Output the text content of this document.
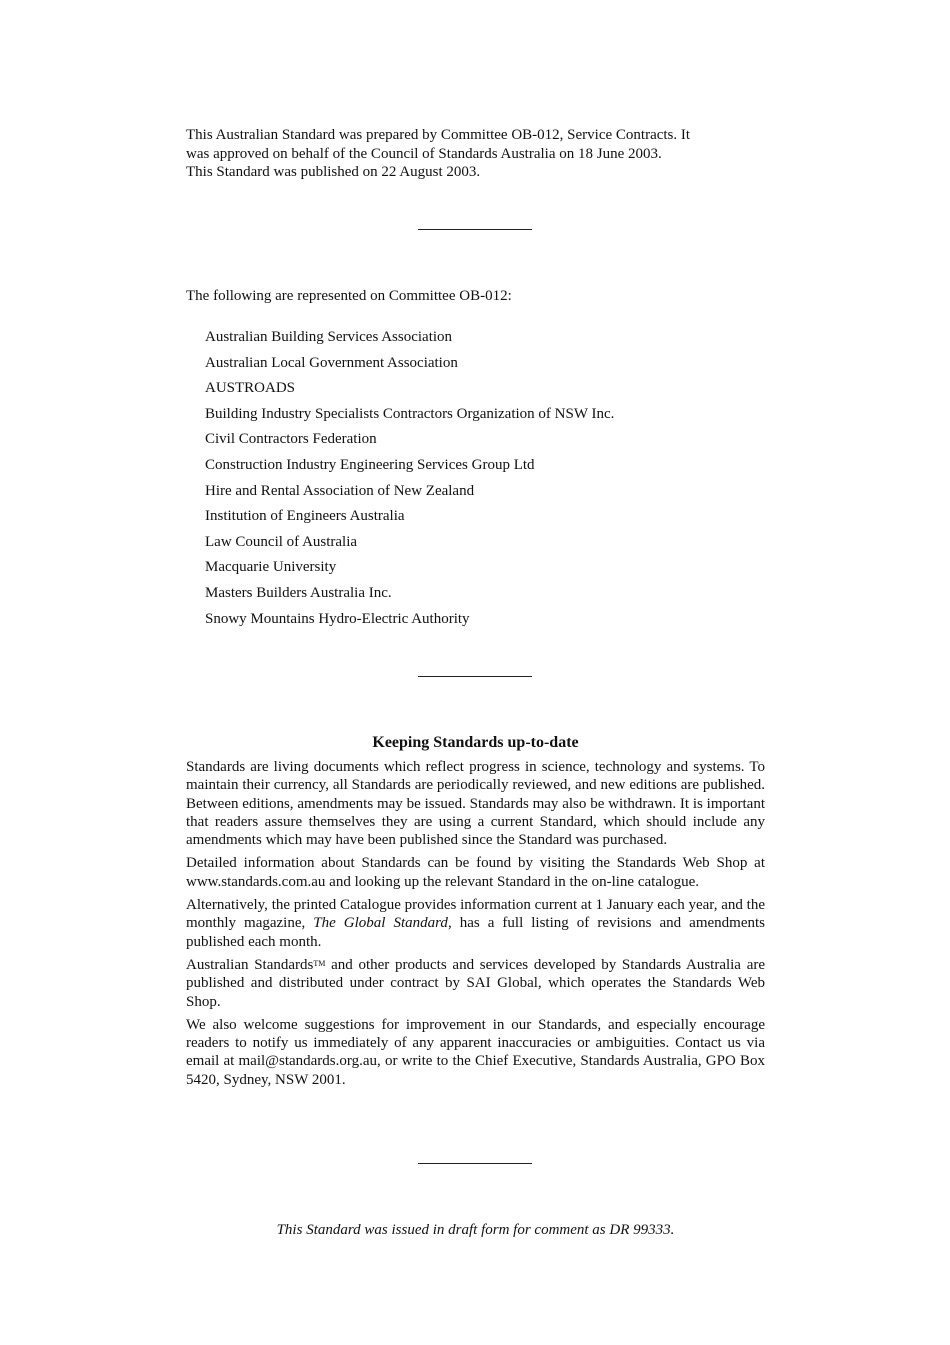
This Australian Standard was prepared by Committee OB-012, Service Contracts. It
was approved on behalf of the Council of Standards Australia on 18 June 2003.
This Standard was published on 22 August 2003.
The following are represented on Committee OB-012:
Australian Building Services Association
Australian Local Government Association
AUSTROADS
Building Industry Specialists Contractors Organization of NSW Inc.
Civil Contractors Federation
Construction Industry Engineering Services Group Ltd
Hire and Rental Association of New Zealand
Institution of Engineers Australia
Law Council of Australia
Macquarie University
Masters Builders Australia Inc.
Snowy Mountains Hydro-Electric Authority
Keeping Standards up-to-date

Standards are living documents which reflect progress in science, technology and systems. To maintain their currency, all Standards are periodically reviewed, and new editions are published. Between editions, amendments may be issued. Standards may also be withdrawn. It is important that readers assure themselves they are using a current Standard, which should include any amendments which may have been published since the Standard was purchased.

Detailed information about Standards can be found by visiting the Standards Web Shop at www.standards.com.au and looking up the relevant Standard in the on-line catalogue.

Alternatively, the printed Catalogue provides information current at 1 January each year, and the monthly magazine, The Global Standard, has a full listing of revisions and amendments published each month.

Australian Standards™ and other products and services developed by Standards Australia are published and distributed under contract by SAI Global, which operates the Standards Web Shop.

We also welcome suggestions for improvement in our Standards, and especially encourage readers to notify us immediately of any apparent inaccuracies or ambiguities. Contact us via email at mail@standards.org.au, or write to the Chief Executive, Standards Australia, GPO Box 5420, Sydney, NSW 2001.

This Standard was issued in draft form for comment as DR 99333.
